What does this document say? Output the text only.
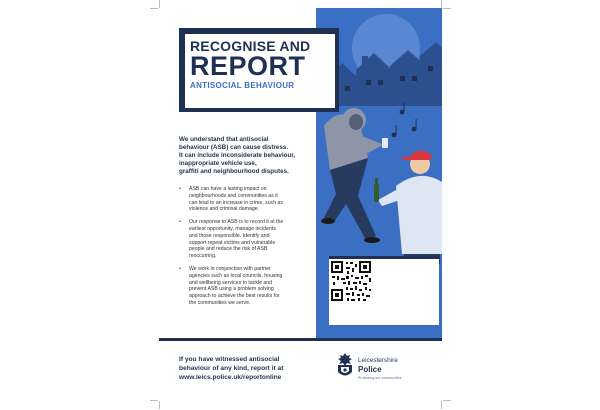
RECOGNISE AND
REPORT
ANTISOCIAL BEHAVIOUR
We understand that antisocial
behaviour (ASB) can cause distress.
It can include inconsiderate behaviour,
inappropriate vehicle use,
graffiti and neighbourhood disputes.
• ASB can have a lasting impact on
neighbourhoods and communities as it
can lead to an increase in crime, such as
violence and criminal damage.
• Our response to ASB is to record it at the
earliest opportunity, manage incidents
and those responsible. Identify and
support repeat victims and vulnerable
people and reduce the risk of ASB
reoccurring.
• We work in conjunction with partner
agencies such as local councils, housing
and wellbeing services to tackle and
prevent ASB using a problem solving
approach to achieve the best results for
the communities we serve.
If you have witnessed antisocial
behaviour of any kind, report it at
www.leics.police.uk/reportonline
Leicestershire
Police
Protecting our communities
